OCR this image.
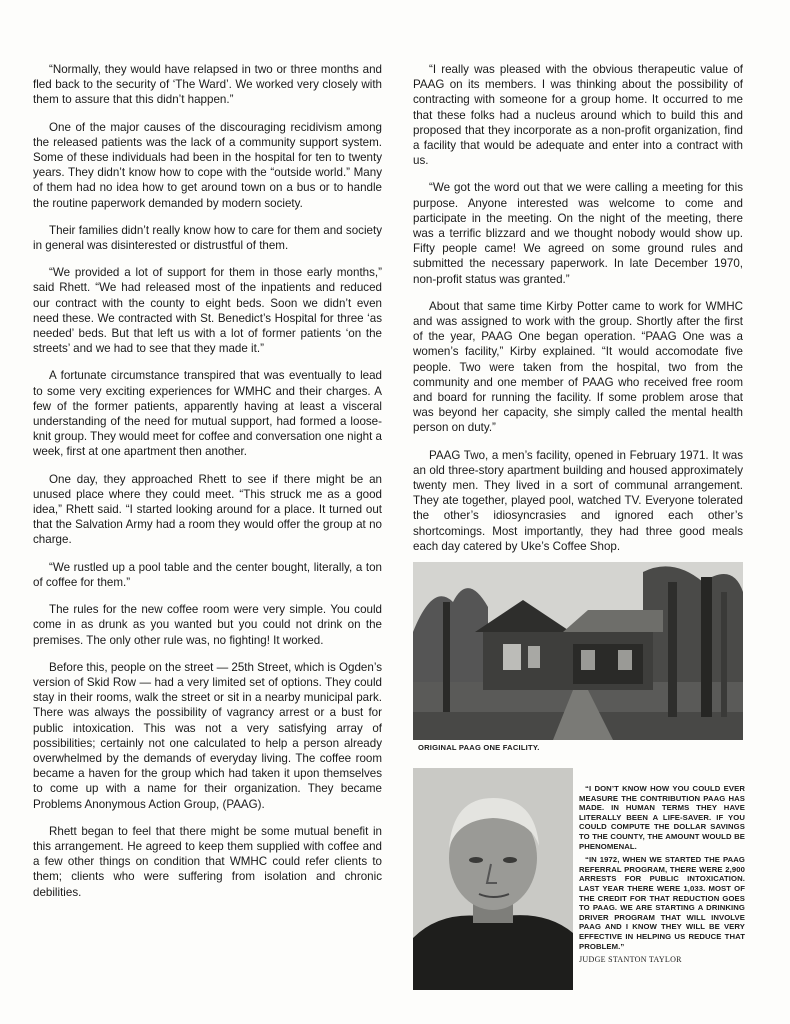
“Normally, they would have relapsed in two or three months and fled back to the security of ‘The Ward’. We worked very closely with them to assure that this didn’t happen.”

One of the major causes of the discouraging recidivism among the released patients was the lack of a community support system. Some of these individuals had been in the hospital for ten to twenty years. They didn’t know how to cope with the “outside world.” Many of them had no idea how to get around town on a bus or to handle the routine paperwork demanded by modern society.

Their families didn’t really know how to care for them and society in general was disinterested or distrustful of them.

“We provided a lot of support for them in those early months,” said Rhett. “We had released most of the inpatients and reduced our contract with the county to eight beds. Soon we didn’t even need these. We contracted with St. Benedict’s Hospital for three ‘as needed’ beds. But that left us with a lot of former patients ‘on the streets’ and we had to see that they made it.”

A fortunate circumstance transpired that was eventually to lead to some very exciting experiences for WMHC and their charges. A few of the former patients, apparently having at least a visceral understanding of the need for mutual support, had formed a loose-knit group. They would meet for coffee and conversation one night a week, first at one apartment then another.

One day, they approached Rhett to see if there might be an unused place where they could meet. “This struck me as a good idea,” Rhett said. “I started looking around for a place. It turned out that the Salvation Army had a room they would offer the group at no charge.

“We rustled up a pool table and the center bought, literally, a ton of coffee for them.”

The rules for the new coffee room were very simple. You could come in as drunk as you wanted but you could not drink on the premises. The only other rule was, no fighting! It worked.

Before this, people on the street — 25th Street, which is Ogden’s version of Skid Row — had a very limited set of options. They could stay in their rooms, walk the street or sit in a nearby municipal park. There was always the possibility of vagrancy arrest or a bust for public intoxication. This was not a very satisfying array of possibilities; certainly not one calculated to help a person already overwhelmed by the demands of everyday living. The coffee room became a haven for the group which had taken it upon themselves to come up with a name for their organization. They became Problems Anonymous Action Group, (PAAG).

Rhett began to feel that there might be some mutual benefit in this arrangement. He agreed to keep them supplied with coffee and a few other things on condition that WMHC could refer clients to them; clients who were suffering from isolation and chronic debilities.

“I really was pleased with the obvious therapeutic value of PAAG on its members. I was thinking about the possibility of contracting with someone for a group home. It occurred to me that these folks had a nucleus around which to build this and proposed that they incorporate as a non-profit organization, find a facility that would be adequate and enter into a contract with us.

“We got the word out that we were calling a meeting for this purpose. Anyone interested was welcome to come and participate in the meeting. On the night of the meeting, there was a terrific blizzard and we thought nobody would show up. Fifty people came! We agreed on some ground rules and submitted the necessary paperwork. In late December 1970, non-profit status was granted.”

About that same time Kirby Potter came to work for WMHC and was assigned to work with the group. Shortly after the first of the year, PAAG One began operation. “PAAG One was a women’s facility,” Kirby explained. “It would accomodate five people. Two were taken from the hospital, two from the community and one member of PAAG who received free room and board for running the facility. If some problem arose that was beyond her capacity, she simply called the mental health person on duty.”

PAAG Two, a men’s facility, opened in February 1971. It was an old three-story apartment building and housed approximately twenty men. They lived in a sort of communal arrangement. They ate together, played pool, watched TV. Everyone tolerated the other’s idiosyncrasies and ignored each other’s shortcomings. Most importantly, they had three good meals each day catered by Uke’s Coffee Shop.

ORIGINAL PAAG ONE FACILITY.

“I DON’T KNOW HOW YOU COULD EVER MEASURE THE CONTRIBUTION PAAG HAS MADE. IN HUMAN TERMS THEY HAVE LITERALLY BEEN A LIFE-SAVER. IF YOU COULD COMPUTE THE DOLLAR SAVINGS TO THE COUNTY, THE AMOUNT WOULD BE PHENOMENAL.

“IN 1972, WHEN WE STARTED THE PAAG REFERRAL PROGRAM, THERE WERE 2,900 ARRESTS FOR PUBLIC INTOXICATION. LAST YEAR THERE WERE 1,033. MOST OF THE CREDIT FOR THAT REDUCTION GOES TO PAAG. WE ARE STARTING A DRINKING DRIVER PROGRAM THAT WILL INVOLVE PAAG AND I KNOW THEY WILL BE VERY EFFECTIVE IN HELPING US REDUCE THAT PROBLEM.”

JUDGE STANTON TAYLOR
